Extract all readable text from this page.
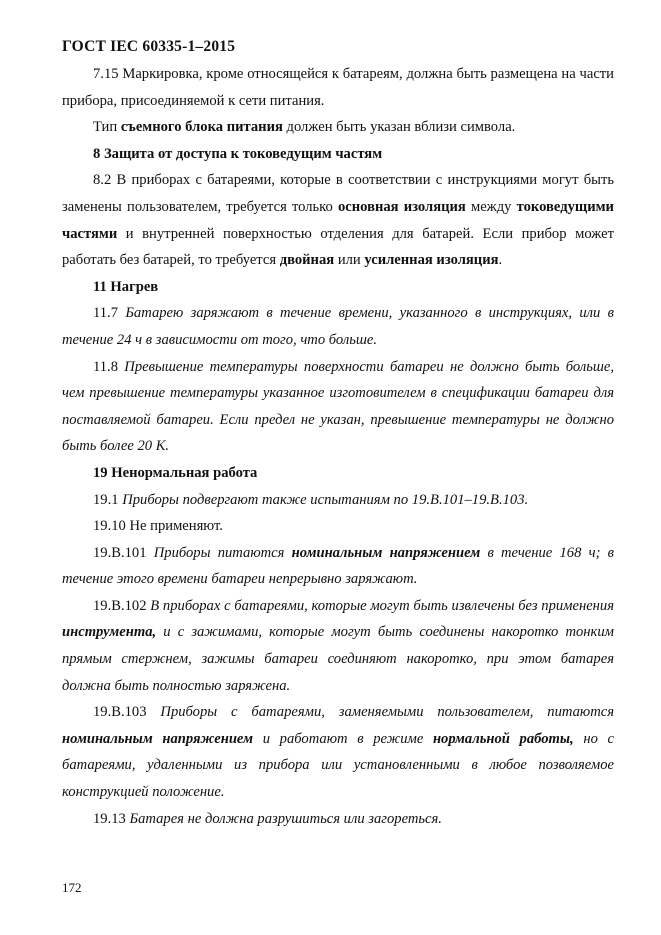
ГОСТ IEC 60335-1–2015

7.15 Маркировка, кроме относящейся к батареям, должна быть размещена на части прибора, присоединяемой к сети питания.

Тип съемного блока питания должен быть указан вблизи символа.

8 Защита от доступа к токоведущим частям

8.2 В приборах с батареями, которые в соответствии с инструкциями могут быть заменены пользователем, требуется только основная изоляция между токоведущими частями и внутренней поверхностью отделения для батарей. Если прибор может работать без батарей, то требуется двойная или усиленная изоляция.

11 Нагрев

11.7 Батарею заряжают в течение времени, указанного в инструкциях, или в течение 24 ч в зависимости от того, что больше.

11.8 Превышение температуры поверхности батареи не должно быть больше, чем превышение температуры указанное изготовителем в спецификации батареи для поставляемой батареи. Если предел не указан, превышение температуры не должно быть более 20 К.

19 Ненормальная работа

19.1 Приборы подвергают также испытаниям по 19.В.101–19.В.103.

19.10 Не применяют.

19.В.101 Приборы питаются номинальным напряжением в течение 168 ч; в течение этого времени батареи непрерывно заряжают.

19.В.102 В приборах с батареями, которые могут быть извлечены без применения инструмента, и с зажимами, которые могут быть соединены накоротко тонким прямым стержнем, зажимы батареи соединяют накоротко, при этом батарея должна быть полностью заряжена.

19.В.103 Приборы с батареями, заменяемыми пользователем, питаются номинальным напряжением и работают в режиме нормальной работы, но с батареями, удаленными из прибора или установленными в любое позволяемое конструкцией положение.

19.13 Батарея не должна разрушиться или загореться.

172
